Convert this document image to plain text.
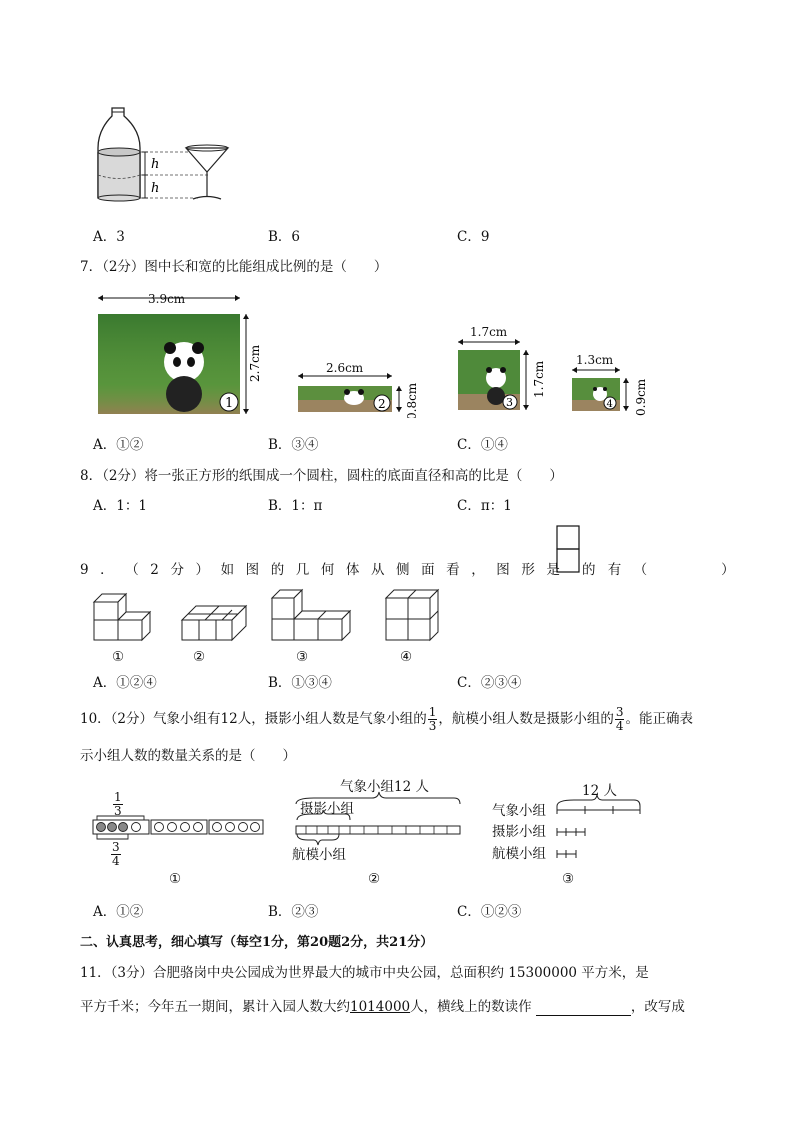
h
h
A．3	B．6	C．9
7．（2分）图中长和宽的比能组成比例的是（　　）
1
2.7cm
3.9cm
2 0.8cm
2.6cm
3
1.7cm
1.7cm
4 0.9cm
1.3cm
A．①②	B．③④	C．①④
8．（2分）将一张正方形的纸围成一个圆柱，圆柱的底面直径和高的比是（　　）
A．1：1	B．1：π	C．π：1
9 ． （ 2 分 ） 如 图 的 几 何 体 从 侧 面 看 ， 图 形 是 的 有 （　　　　）
①	②	③	④
A．①②④	B．①③④	C．②③④
10．（2分）气象小组有12人，摄影小组人数是气象小组的 $\frac{1}{3}$ ，航模小组人数是摄影小组的 $\frac{3}{4}$ 。能正确表
示小组人数的数量关系的是（　　）
$\frac{1}{3}$
$\frac{3}{4}$
①
气象小组12 人
摄影小组
航模小组
②
12 人
气象小组
摄影小组
航模小组
③
A．①②	B．②③	C．①②③
二、认真思考，细心填写（每空1分，第20题2分，共21分）
11．（3分）合肥骆岗中央公园成为世界最大的城市中央公园，总面积约 15300000 平方米，是
平方千米；今年五一期间，累计入园人数大约1014000人，横线上的数读作	，改写成
